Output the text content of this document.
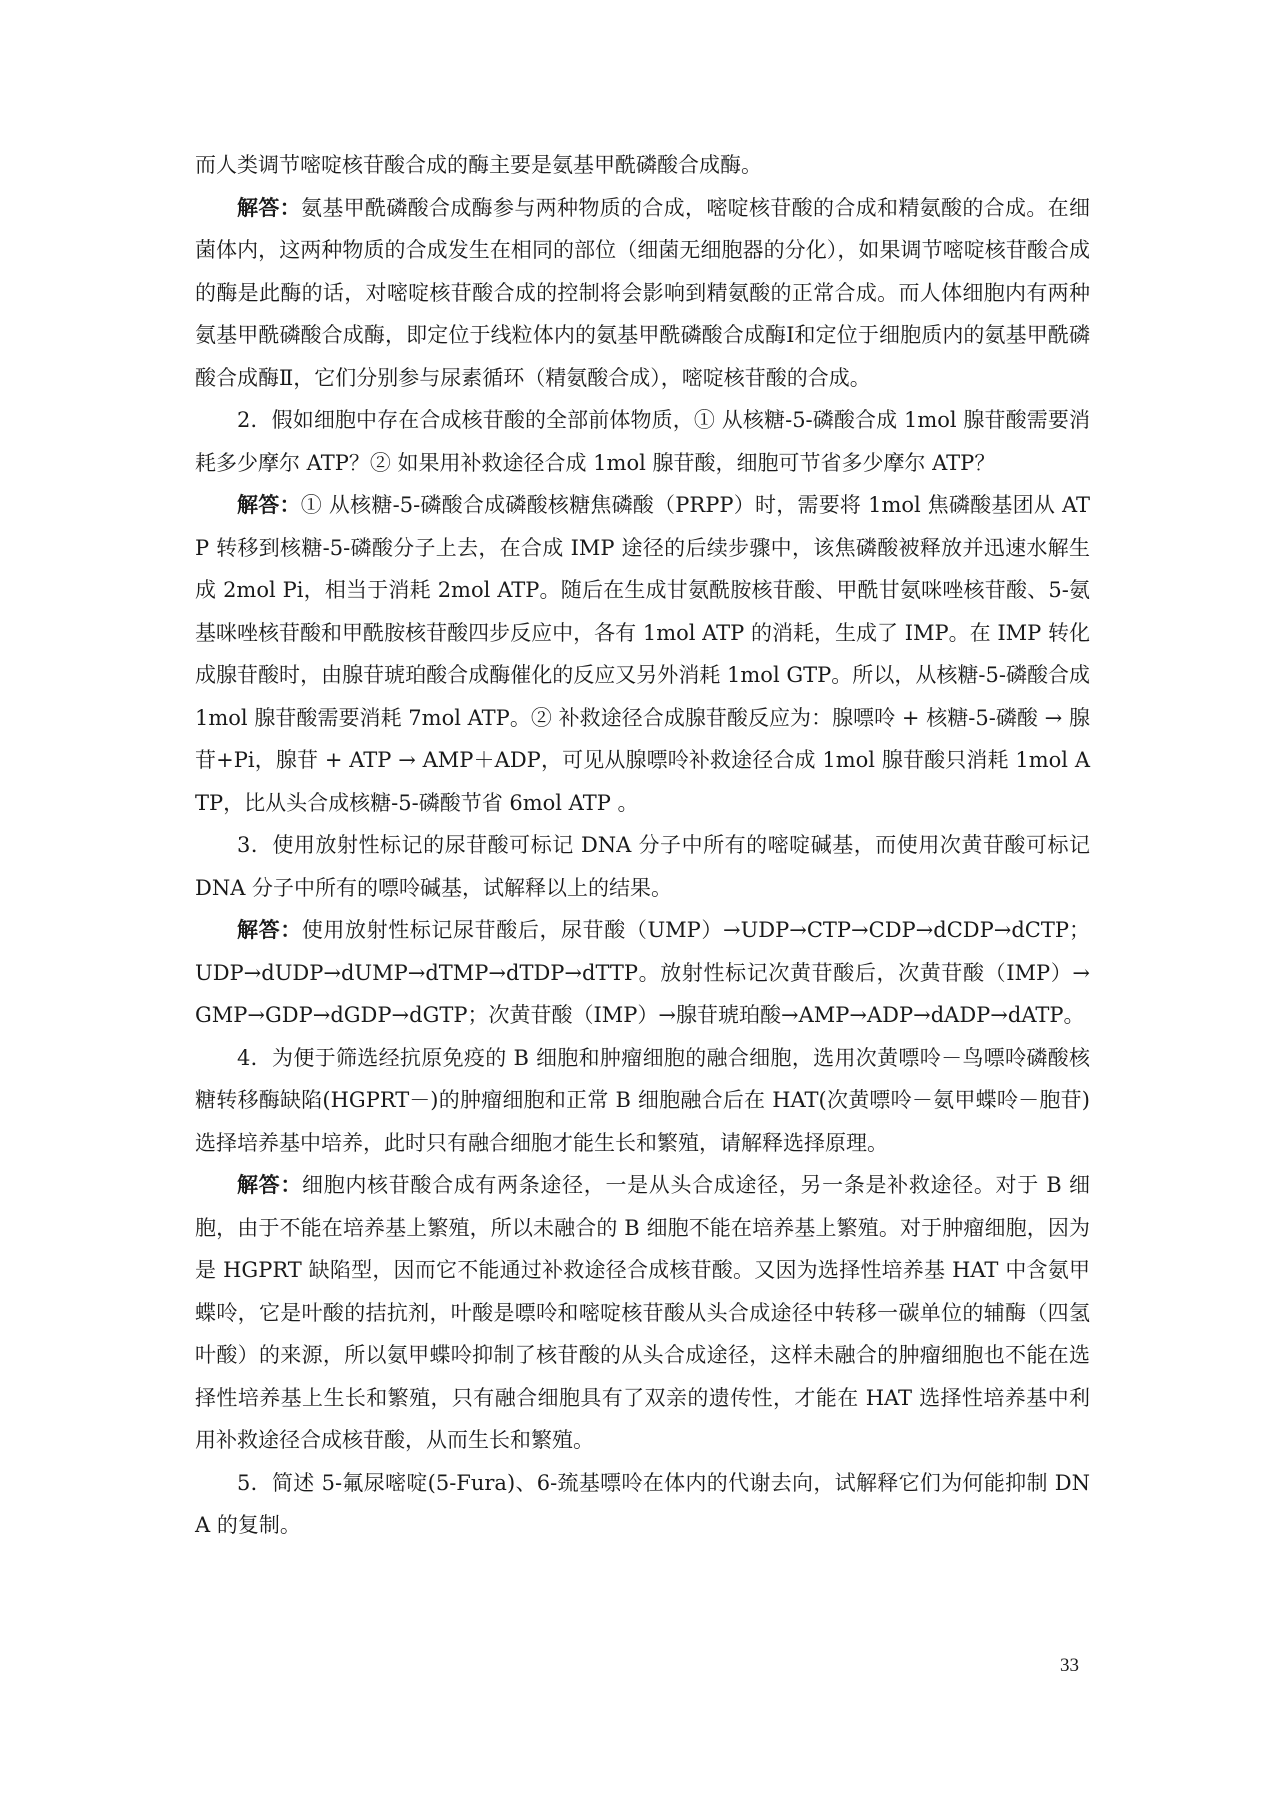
而人类调节嘧啶核苷酸合成的酶主要是氨基甲酰磷酸合成酶。

解答：氨基甲酰磷酸合成酶参与两种物质的合成，嘧啶核苷酸的合成和精氨酸的合成。在细菌体内，这两种物质的合成发生在相同的部位（细菌无细胞器的分化），如果调节嘧啶核苷酸合成的酶是此酶的话，对嘧啶核苷酸合成的控制将会影响到精氨酸的正常合成。而人体细胞内有两种氨基甲酰磷酸合成酶，即定位于线粒体内的氨基甲酰磷酸合成酶Ⅰ和定位于细胞质内的氨基甲酰磷酸合成酶Ⅱ，它们分别参与尿素循环（精氨酸合成），嘧啶核苷酸的合成。

2．假如细胞中存在合成核苷酸的全部前体物质，① 从核糖-5-磷酸合成 1mol 腺苷酸需要消耗多少摩尔 ATP？② 如果用补救途径合成 1mol 腺苷酸，细胞可节省多少摩尔 ATP？

解答：① 从核糖-5-磷酸合成磷酸核糖焦磷酸（PRPP）时，需要将 1mol 焦磷酸基团从 ATP 转移到核糖-5-磷酸分子上去，在合成 IMP 途径的后续步骤中，该焦磷酸被释放并迅速水解生成 2mol Pi，相当于消耗 2mol ATP。随后在生成甘氨酰胺核苷酸、甲酰甘氨咪唑核苷酸、5-氨基咪唑核苷酸和甲酰胺核苷酸四步反应中，各有 1mol ATP 的消耗，生成了 IMP。在 IMP 转化成腺苷酸时，由腺苷琥珀酸合成酶催化的反应又另外消耗 1mol GTP。所以，从核糖-5-磷酸合成 1mol 腺苷酸需要消耗 7mol ATP。② 补救途径合成腺苷酸反应为：腺嘌呤 + 核糖-5-磷酸 → 腺苷+Pi，腺苷 + ATP → AMP＋ADP，可见从腺嘌呤补救途径合成 1mol 腺苷酸只消耗 1mol ATP，比从头合成核糖-5-磷酸节省 6mol ATP 。

3．使用放射性标记的尿苷酸可标记 DNA 分子中所有的嘧啶碱基，而使用次黄苷酸可标记 DNA 分子中所有的嘌呤碱基，试解释以上的结果。

解答：使用放射性标记尿苷酸后，尿苷酸（UMP）→UDP→CTP→CDP→dCDP→dCTP；UDP→dUDP→dUMP→dTMP→dTDP→dTTP。放射性标记次黄苷酸后，次黄苷酸（IMP）→GMP→GDP→dGDP→dGTP；次黄苷酸（IMP）→腺苷琥珀酸→AMP→ADP→dADP→dATP。

4．为便于筛选经抗原免疫的 B 细胞和肿瘤细胞的融合细胞，选用次黄嘌呤－鸟嘌呤磷酸核糖转移酶缺陷(HGPRT－)的肿瘤细胞和正常 B 细胞融合后在 HAT(次黄嘌呤－氨甲蝶呤－胞苷)选择培养基中培养，此时只有融合细胞才能生长和繁殖，请解释选择原理。

解答：细胞内核苷酸合成有两条途径，一是从头合成途径，另一条是补救途径。对于 B 细胞，由于不能在培养基上繁殖，所以未融合的 B 细胞不能在培养基上繁殖。对于肿瘤细胞，因为是 HGPRT 缺陷型，因而它不能通过补救途径合成核苷酸。又因为选择性培养基 HAT 中含氨甲蝶呤，它是叶酸的拮抗剂，叶酸是嘌呤和嘧啶核苷酸从头合成途径中转移一碳单位的辅酶（四氢叶酸）的来源，所以氨甲蝶呤抑制了核苷酸的从头合成途径，这样未融合的肿瘤细胞也不能在选择性培养基上生长和繁殖，只有融合细胞具有了双亲的遗传性，才能在 HAT 选择性培养基中利用补救途径合成核苷酸，从而生长和繁殖。

5．简述 5-氟尿嘧啶(5-Fura)、6-巯基嘌呤在体内的代谢去向，试解释它们为何能抑制 DNA 的复制。

33
